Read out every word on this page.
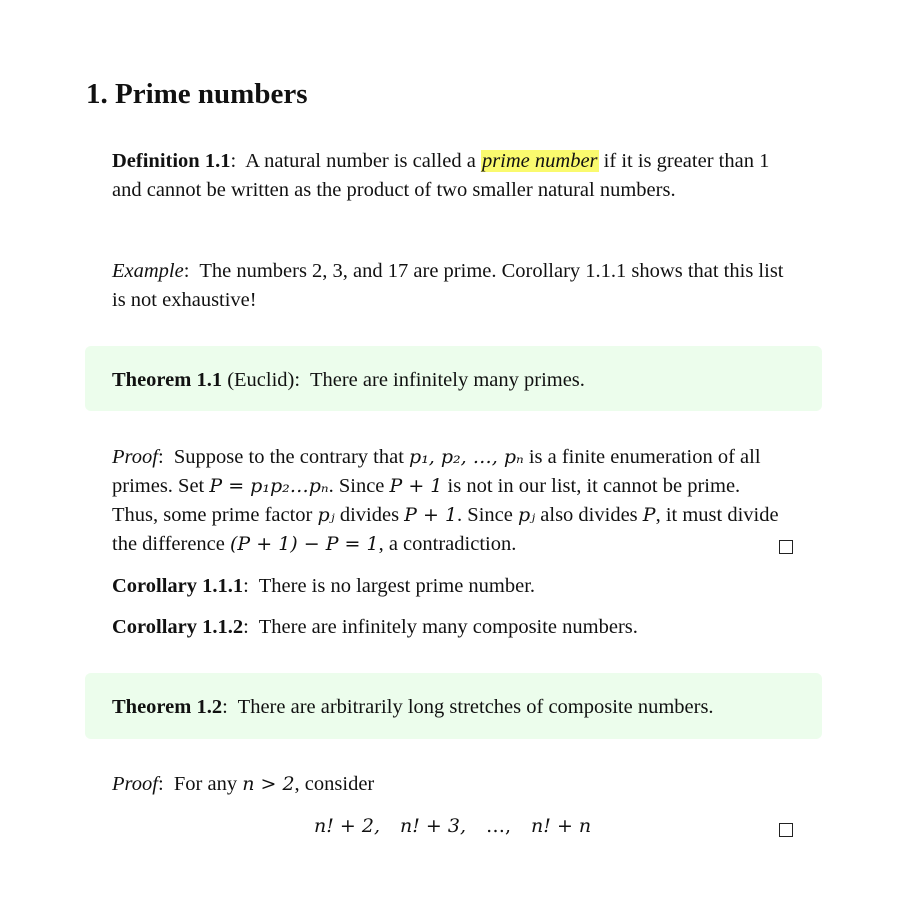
1. Prime numbers

Definition 1.1: A natural number is called a prime number if it is greater than 1 and cannot be written as the product of two smaller natural numbers.

Example: The numbers 2, 3, and 17 are prime. Corollary 1.1.1 shows that this list is not exhaustive!

Theorem 1.1 (Euclid): There are infinitely many primes.

Proof: Suppose to the contrary that p₁, p₂, …, pₙ is a finite enumeration of all primes. Set P = p₁p₂…pₙ. Since P + 1 is not in our list, it cannot be prime. Thus, some prime factor pⱼ divides P + 1. Since pⱼ also divides P, it must divide the difference (P + 1) − P = 1, a contradiction.

Corollary 1.1.1: There is no largest prime number.

Corollary 1.1.2: There are infinitely many composite numbers.

Theorem 1.2: There are arbitrarily long stretches of composite numbers.

Proof: For any n > 2, consider

n! + 2, n! + 3, …, n! + n
